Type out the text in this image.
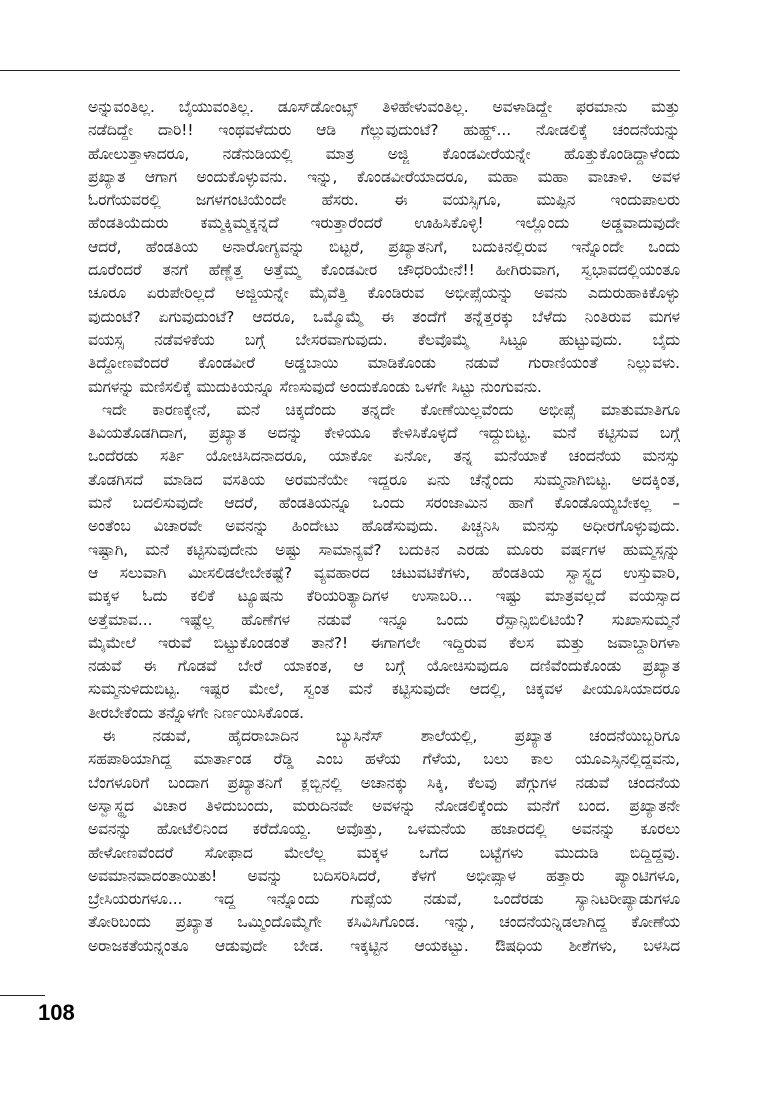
ಅನ್ನುವಂತಿಲ್ಲ. ಬೈಯುವಂತಿಲ್ಲ. ಡೂಸ್‌ಡೋಂಟ್ಸ್ ತಿಳಿಹೇಳುವಂತಿಲ್ಲ. ಅವಳಾಡಿದ್ದೇ ಫರಮಾನು ಮತ್ತು
ನಡೆದಿದ್ದೇ ದಾರಿ!! ಇಂಥವಳೆದುರು ಆಡಿ ಗೆಲ್ಲುವುದುಂಟೆ? ಹುಹ್ಹ್... ನೋಡಲಿಕ್ಕೆ ಚಂದನೆಯನ್ನು
ಹೋಲುತ್ತಾಳಾದರೂ, ನಡೆನುಡಿಯಲ್ಲಿ ಮಾತ್ರ ಅಜ್ಜಿ ಕೊಂಡವೀರೆಯನ್ನೇ ಹೊತ್ತುಕೊಂಡಿದ್ದಾಳೆಂದು
ಪ್ರಖ್ಯಾತ ಆಗಾಗ ಅಂದುಕೊಳ್ಳುವನು. ಇನ್ನು, ಕೊಂಡವೀರೆಯಾದರೂ, ಮಹಾ ಮಹಾ ವಾಚಾಳಿ. ಅವಳ
ಓರಗೆಯವರಲ್ಲಿ ಜಗಳಗಂಟಿಯೆಂದೇ ಹೆಸರು. ಈ ವಯಸ್ಸಿಗೂ, ಮುಪ್ಪಿನ ಇಂದುಪಾಲರು
ಹೆಂಡತಿಯೆದುರು ಕಮ್ಮಕ್ಕಿಮ್ಮಕ್ಕನ್ನದೆ ಇರುತ್ತಾರೆಂದರೆ ಊಹಿಸಿಕೊಳ್ಳಿ! ಇಲ್ಲೊಂದು ಅಡ್ಡವಾದುವುದೇ
ಆದರೆ, ಹೆಂಡತಿಯ ಅನಾರೋಗ್ಯವನ್ನು ಬಿಟ್ಟರೆ, ಪ್ರಖ್ಯಾತನಿಗೆ, ಬದುಕಿನಲ್ಲಿರುವ ಇನ್ನೊಂದೇ ಒಂದು
ದೂರೆಂದರೆ ತನಗೆ ಹೆಣ್ಣೆತ್ತ ಅತ್ತೆಮ್ಮ ಕೊಂಡವೀರ ಚೌಧರಿಯೇನೆ!! ಹೀಗಿರುವಾಗ, ಸ್ವಭಾವದಲ್ಲಿಯಂತೂ
ಚೂರೂ ಏರುಪೇರಿಲ್ಲದೆ ಅಜ್ಜಿಯನ್ನೇ ಮೈವೆತ್ತಿ ಕೊಂಡಿರುವ ಅಭೀಪ್ಸೆಯನ್ನು ಅವನು ಎದುರುಹಾಕಿಕೊಳ್ಳು
ವುದುಂಟೆ? ಏಗುವುದುಂಟೆ? ಆದರೂ, ಒಮ್ಮೊಮ್ಮೆ ಈ ತಂದೆಗೆ ತನ್ನೆತ್ತರಕ್ಕು ಬೆಳೆದು ನಿಂತಿರುವ ಮಗಳ
ವಯಸ್ಸ ನಡೆವಳಿಕೆಯ ಬಗ್ಗೆ ಬೇಸರವಾಗುವುದು. ಕೆಲವೊಮ್ಮೆ ಸಿಟ್ಟೂ ಹುಟ್ಟುವುದು. ಬೈದು
ತಿದ್ದೋಣವೆಂದರೆ ಕೊಂಡವೀರೆ ಅಡ್ಡಬಾಯಿ ಮಾಡಿಕೊಂಡು ನಡುವೆ ಗುರಾಣಿಯಂತೆ ನಿಲ್ಲುವಳು.
ಮಗಳನ್ನು ಮಣಿಸಲಿಕ್ಕೆ ಮುದುಕಿಯನ್ನೂ ಸೆಣಸುವುದೆ ಅಂದುಕೊಂಡು ಒಳಗೇ ಸಿಟ್ಟು ನುಂಗುವನು.
ಇದೇ ಕಾರಣಕ್ಕೇನೆ, ಮನೆ ಚಿಕ್ಕದೆಂದು ತನ್ನದೇ ಕೋಣೆಯಿಲ್ಲವೆಂದು ಅಭೀಪ್ಸೆ ಮಾತುಮಾತಿಗೂ
ತಿವಿಯತೊಡಗಿದಾಗ, ಪ್ರಖ್ಯಾತ ಅದನ್ನು ಕೇಳಿಯೂ ಕೇಳಿಸಿಕೊಳ್ಳದೆ ಇದ್ದುಬಿಟ್ಟ. ಮನೆ ಕಟ್ಟಿಸುವ ಬಗ್ಗೆ
ಒಂದೆರಡು ಸರ್ತಿ ಯೋಚಿಸಿದನಾದರೂ, ಯಾಕೋ ಏನೋ, ತನ್ನ ಮನೆಯಾಕೆ ಚಂದನೆಯ ಮನಸ್ಸು
ತೊಡಗಿಸದೆ ಮಾಡಿದ ವಸತಿಯ ಅರಮನೆಯೇ ಇದ್ದರೂ ಏನು ಚೆನ್ನೆಂದು ಸುಮ್ಮನಾಗಿಬಿಟ್ಟ. ಅದಕ್ಕಿಂತ,
ಮನೆ ಬದಲಿಸುವುದೇ ಆದರೆ, ಹೆಂಡತಿಯನ್ನೂ ಒಂದು ಸರಂಜಾಮಿನ ಹಾಗೆ ಕೊಂಡೊಯ್ಯಬೇಕಲ್ಲ –
ಅಂತೆಂಬ ವಿಚಾರವೇ ಅವನನ್ನು ಹಿಂದೇಟು ಹೊಡೆಸುವುದು. ಪಿಚ್ಚನಿಸಿ ಮನಸ್ಸು ಅಧೀರಗೊಳ್ಳುವುದು.
ಇಷ್ಟಾಗಿ, ಮನೆ ಕಟ್ಟಿಸುವುದೇನು ಅಷ್ಟು ಸಾಮಾನ್ಯವೆ? ಬದುಕಿನ ಎರಡು ಮೂರು ವರ್ಷಗಳ ಹುಮ್ಮಸ್ಸನ್ನು
ಆ ಸಲುವಾಗಿ ಮೀಸಲಿಡಲೇಬೇಕಷ್ಟೆ? ವ್ಯವಹಾರದ ಚಟುವಟಿಕೆಗಳು, ಹೆಂಡತಿಯ ಸ್ವಾಸ್ಥ್ಯದ ಉಸ್ತುವಾರಿ,
ಮಕ್ಕಳ ಓದು ಕಲಿಕೆ ಟ್ಯೂಷನು ಕೆರಿಯರಿತ್ಯಾದಿಗಳ ಉಸಾಬರಿ... ಇಷ್ಟು ಮಾತ್ರವಲ್ಲದೆ ವಯಸ್ಸಾದ
ಅತ್ತೆಮಾವ... ಇಷ್ಟೆಲ್ಲ ಹೊಣೆಗಳ ನಡುವೆ ಇನ್ನೂ ಒಂದು ರೆಸ್ಪಾನ್ಸಿಬಿಲಿಟಿಯೆ? ಸುಖಾಸುಮ್ಮನೆ
ಮೈಮೇಲೆ ಇರುವೆ ಬಿಟ್ಟುಕೊಂಡಂತೆ ತಾನೆ?! ಈಗಾಗಲೇ ಇದ್ದಿರುವ ಕೆಲಸ ಮತ್ತು ಜವಾಬ್ದಾರಿಗಳಾ
ನಡುವೆ ಈ ಗೊಡವೆ ಬೇರೆ ಯಾಕಂತ, ಆ ಬಗ್ಗೆ ಯೋಚಿಸುವುದೂ ದಣಿವೆಂದುಕೊಂಡು ಪ್ರಖ್ಯಾತ
ಸುಮ್ಮನುಳಿದುಬಿಟ್ಟ. ಇಷ್ಟರ ಮೇಲೆ, ಸ್ವಂತ ಮನೆ ಕಟ್ಟಿಸುವುದೇ ಆದಲ್ಲಿ, ಚಿಕ್ಕವಳ ಪೀಯೂಸಿಯಾದರೂ
ತೀರಬೇಕೆಂದು ತನ್ನೊಳಗೇ ನಿರ್ಣಯಿಸಿಕೊಂಡ.
ಈ ನಡುವೆ, ಹೈದರಾಬಾದಿನ ಬ್ಯುಸಿನೆಸ್ ಶಾಲೆಯಲ್ಲಿ, ಪ್ರಖ್ಯಾತ ಚಂದನೆಯಿಬ್ಬರಿಗೂ
ಸಹಪಾಠಿಯಾಗಿದ್ದ ಮಾರ್ತಾಂಡ ರೆಡ್ಡಿ ಎಂಬ ಹಳೆಯ ಗೆಳೆಯ, ಬಲು ಕಾಲ ಯೂಎಸ್ಸಿನಲ್ಲಿದ್ದವನು,
ಬೆಂಗಳೂರಿಗೆ ಬಂದಾಗ ಪ್ರಖ್ಯಾತನಿಗೆ ಕ್ಲಬ್ಬಿನಲ್ಲಿ ಅಚಾನಕ್ಕು ಸಿಕ್ಕಿ, ಕೆಲವು ಪೆಗ್ಗುಗಳ ನಡುವೆ ಚಂದನೆಯ
ಅಸ್ವಾಸ್ಥ್ಯದ ವಿಚಾರ ತಿಳಿದುಬಂದು, ಮರುದಿನವೇ ಅವಳನ್ನು ನೋಡಲಿಕ್ಕೆಂದು ಮನೆಗೆ ಬಂದ. ಪ್ರಖ್ಯಾತನೇ
ಅವನನ್ನು ಹೋಟೆಲಿನಿಂದ ಕರೆದೊಯ್ದ. ಅವೊತ್ತು, ಒಳಮನೆಯ ಹಜಾರದಲ್ಲಿ ಅವನನ್ನು ಕೂರಲು
ಹೇಳೋಣವೆಂದರೆ ಸೋಫಾದ ಮೇಲೆಲ್ಲ ಮಕ್ಕಳ ಒಗೆದ ಬಟ್ಟೆಗಳು ಮುದುಡಿ ಬಿದ್ದಿದ್ದವು.
ಅವಮಾನವಾದಂತಾಯಿತು! ಅವನ್ನು ಬದಿಸರಿಸಿದರೆ, ಕೆಳಗೆ ಅಭೀಪ್ಸಾಳ ಹತ್ತಾರು ಪ್ಯಾಂಟಿಗಳೂ,
ಬ್ರೇಸಿಯರುಗಳೂ... ಇದ್ದ ಇನ್ನೊಂದು ಗುಪ್ಪೆಯ ನಡುವೆ, ಒಂದೆರಡು ಸ್ಯಾನಿಟರೀಪ್ಯಾಡುಗಳೂ
ತೋರಿಬಂದು ಪ್ರಖ್ಯಾತ ಒಮ್ಮಿಂದೊಮ್ಮೆಗೇ ಕಸಿವಿಸಿಗೊಂಡ. ಇನ್ನು, ಚಂದನೆಯನ್ನಿಡಲಾಗಿದ್ದ ಕೋಣೆಯ
ಅರಾಜಕತೆಯನ್ನಂತೂ ಆಡುವುದೇ ಬೇಡ. ಇಕ್ಕಟ್ಟಿನ ಆಯಕಟ್ಟು. ಔಷಧಿಯ ಶೀಶೆಗಳು, ಬಳಸಿದ
108
